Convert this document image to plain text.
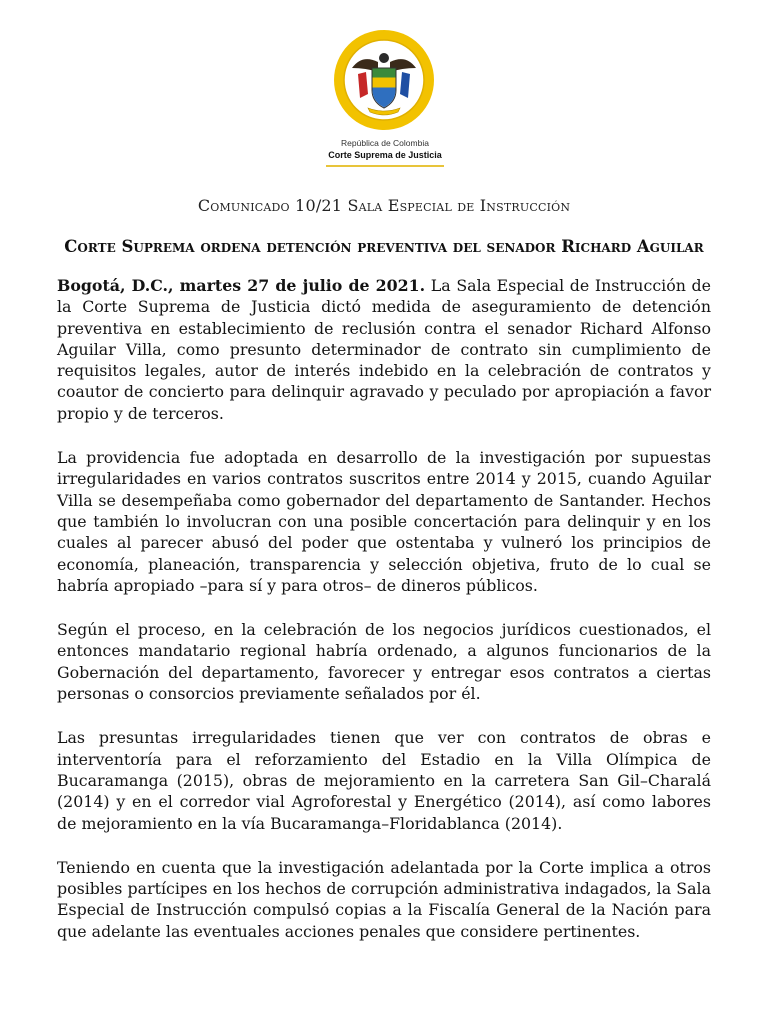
República de Colombia
Corte Suprema de Justicia
Comunicado 10/21 Sala Especial de Instrucción
Corte Suprema ordena detención preventiva del senador Richard Aguilar

Bogotá, D.C., martes 27 de julio de 2021. La Sala Especial de Instrucción de la Corte Suprema de Justicia dictó medida de aseguramiento de detención preventiva en establecimiento de reclusión contra el senador Richard Alfonso Aguilar Villa, como presunto determinador de contrato sin cumplimiento de requisitos legales, autor de interés indebido en la celebración de contratos y coautor de concierto para delinquir agravado y peculado por apropiación a favor propio y de terceros.

La providencia fue adoptada en desarrollo de la investigación por supuestas irregularidades en varios contratos suscritos entre 2014 y 2015, cuando Aguilar Villa se desempeñaba como gobernador del departamento de Santander. Hechos que también lo involucran con una posible concertación para delinquir y en los cuales al parecer abusó del poder que ostentaba y vulneró los principios de economía, planeación, transparencia y selección objetiva, fruto de lo cual se habría apropiado –para sí y para otros– de dineros públicos.

Según el proceso, en la celebración de los negocios jurídicos cuestionados, el entonces mandatario regional habría ordenado, a algunos funcionarios de la Gobernación del departamento, favorecer y entregar esos contratos a ciertas personas o consorcios previamente señalados por él.

Las presuntas irregularidades tienen que ver con contratos de obras e interventoría para el reforzamiento del Estadio en la Villa Olímpica de Bucaramanga (2015), obras de mejoramiento en la carretera San Gil–Charalá (2014) y en el corredor vial Agroforestal y Energético (2014), así como labores de mejoramiento en la vía Bucaramanga–Floridablanca (2014).

Teniendo en cuenta que la investigación adelantada por la Corte implica a otros posibles partícipes en los hechos de corrupción administrativa indagados, la Sala Especial de Instrucción compulsó copias a la Fiscalía General de la Nación para que adelante las eventuales acciones penales que considere pertinentes.
